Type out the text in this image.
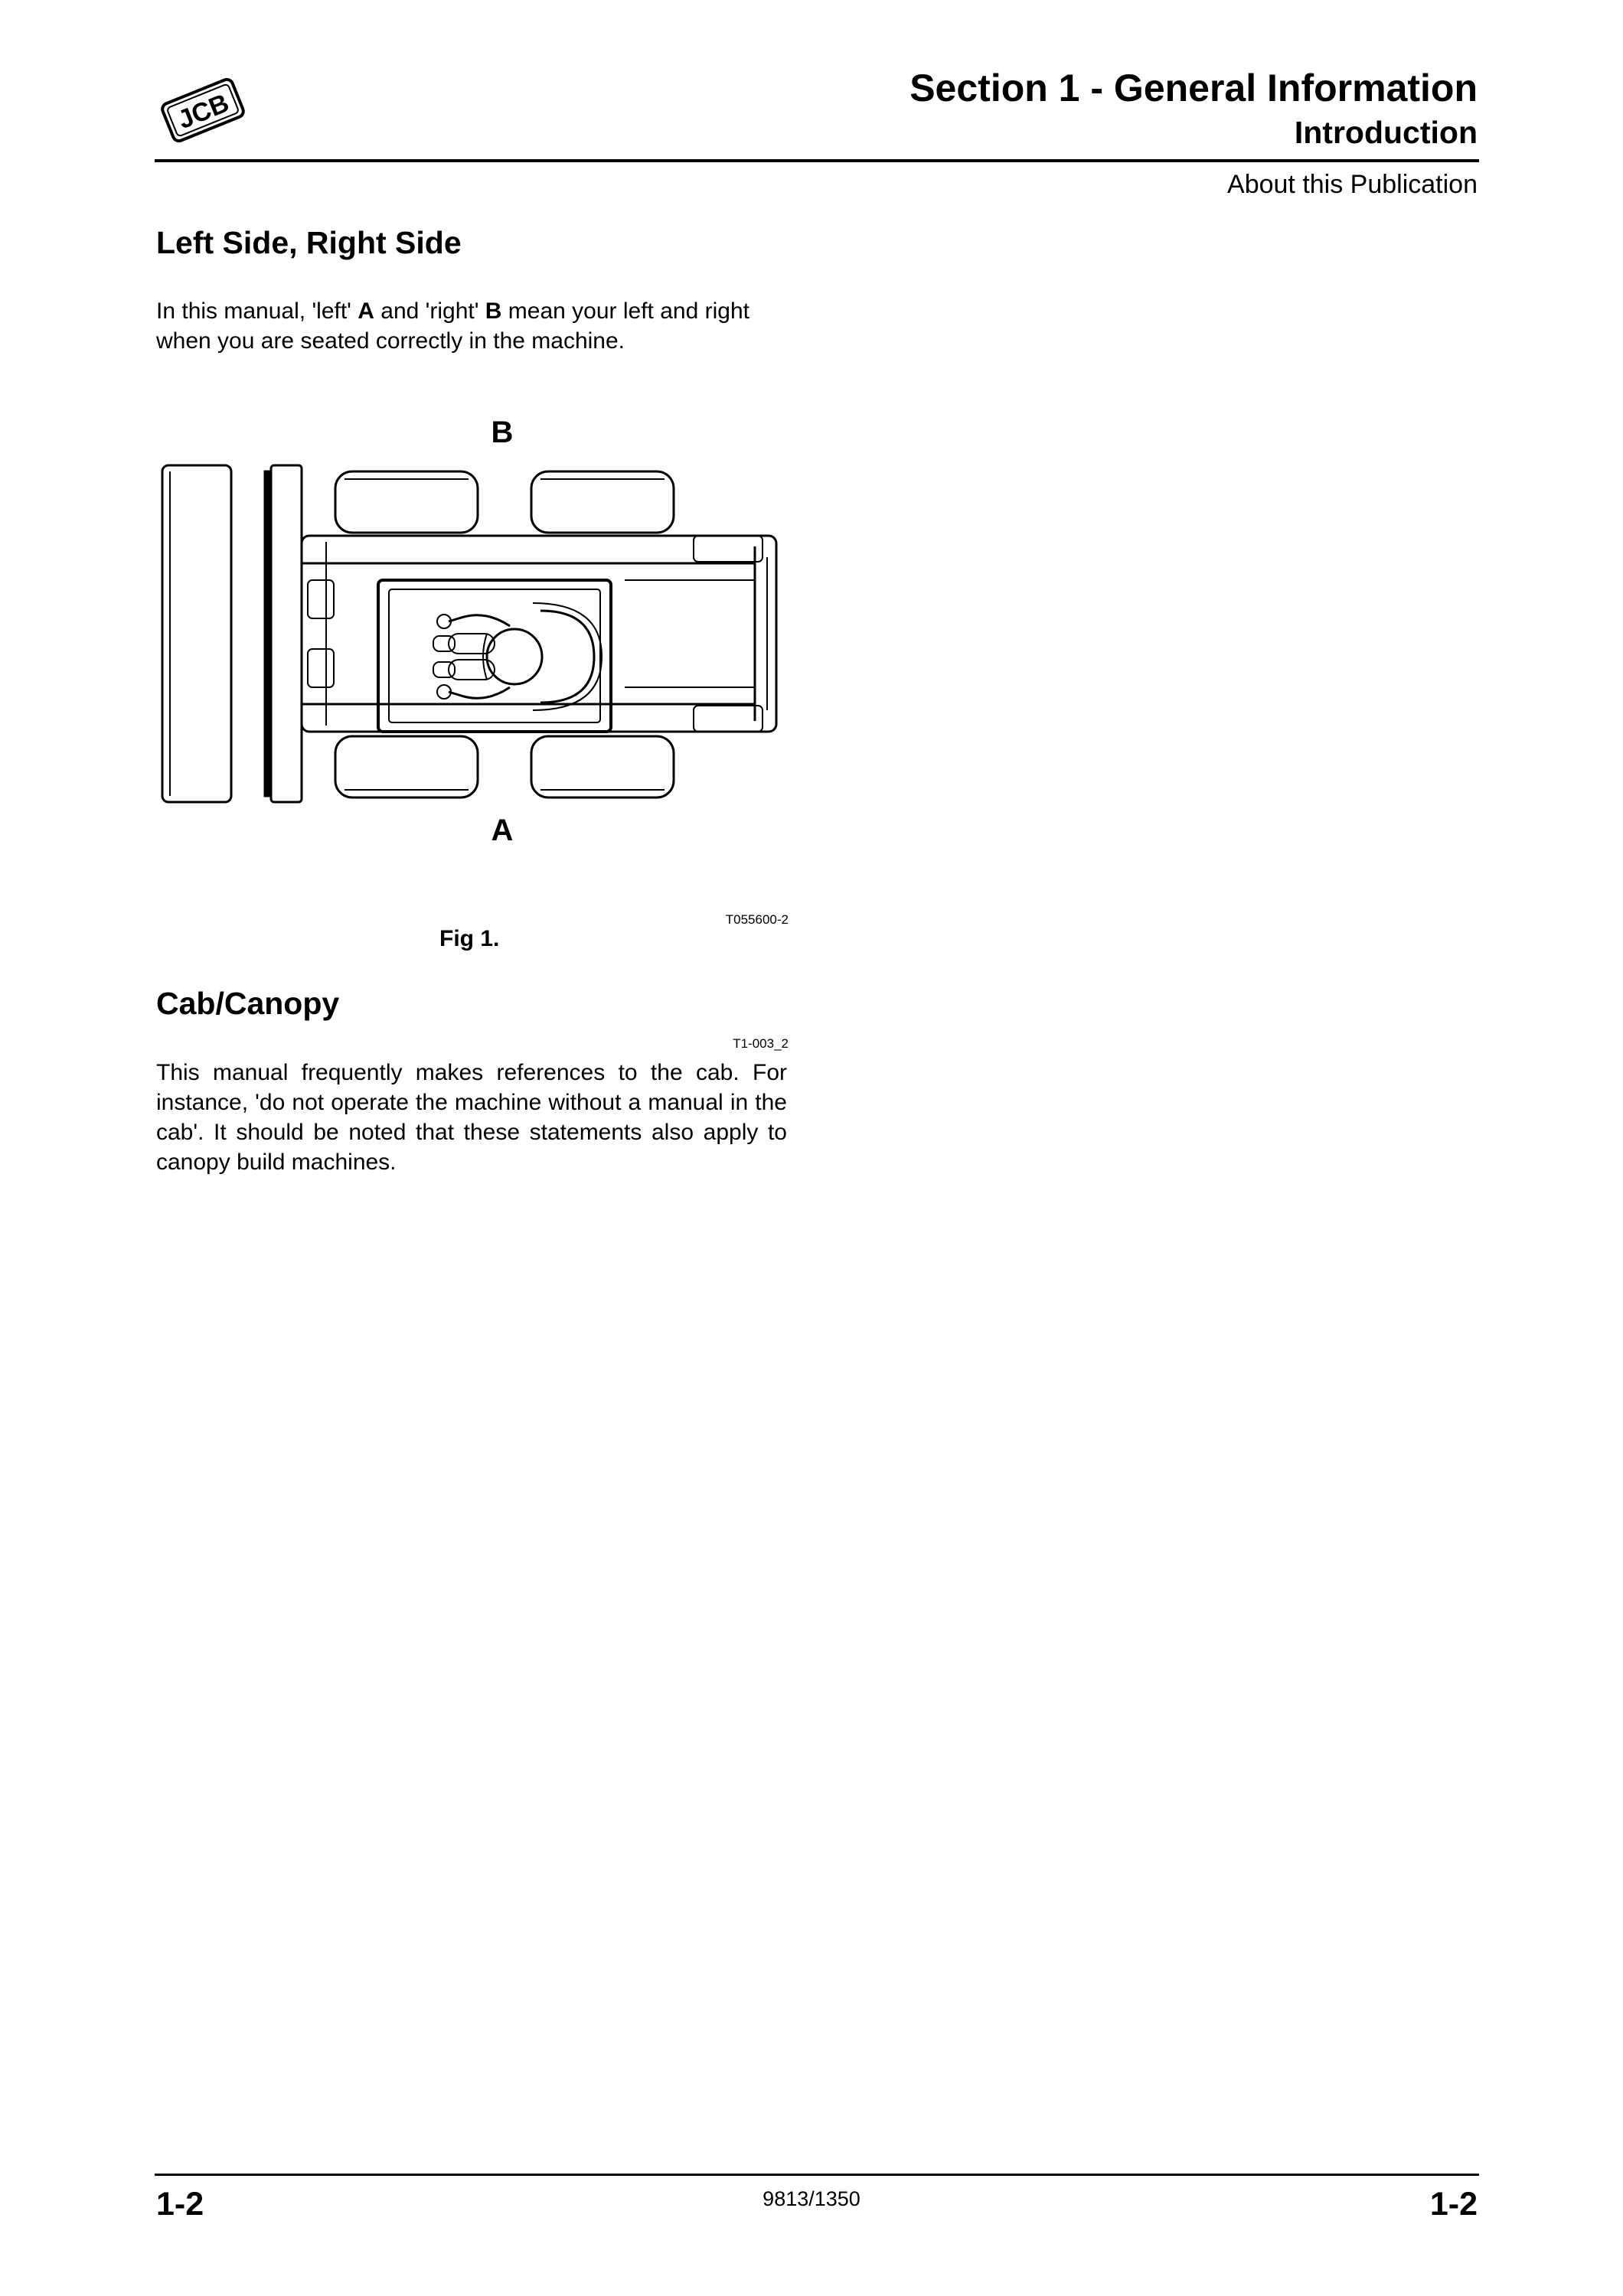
JCB
Section 1 - General Information
Introduction
About this Publication
Left Side, Right Side
In this manual, 'left' A and 'right' B mean your left and right when you are seated correctly in the machine.
B
A
T055600-2
Fig 1.
Cab/Canopy
T1-003_2
This manual frequently makes references to the cab. For instance, 'do not operate the machine without a manual in the cab'. It should be noted that these statements also apply to canopy build machines.
1-2	9813/1350	1-2
